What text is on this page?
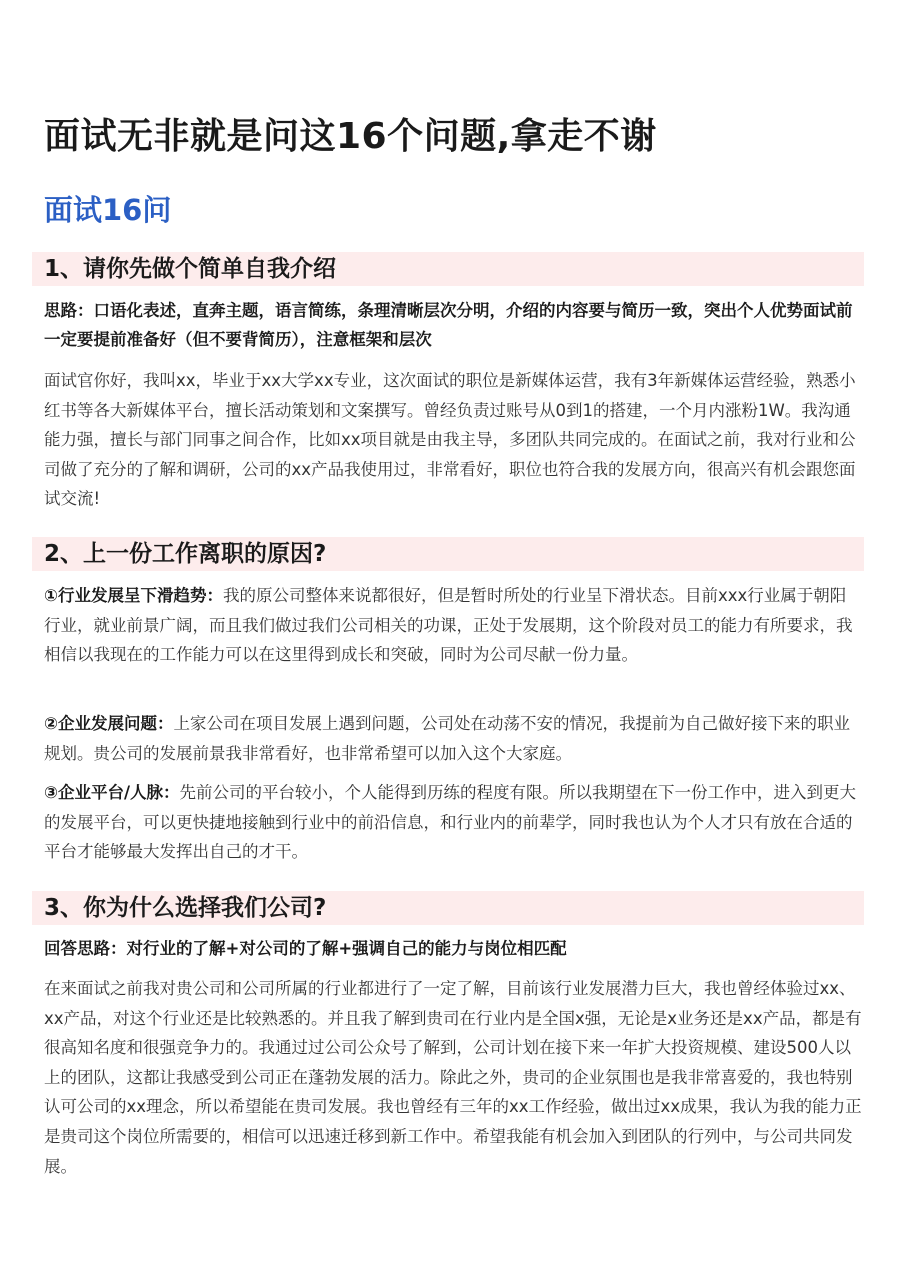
面试无非就是问这16个问题,拿走不谢
面试16问
1、请你先做个简单自我介绍

思路：口语化表述，直奔主题，语言简练，条理清晰层次分明，介绍的内容要与简历一致，突出个人优势面试前一定要提前准备好（但不要背简历），注意框架和层次

面试官你好，我叫xx，毕业于xx大学xx专业，这次面试的职位是新媒体运营，我有3年新媒体运营经验，熟悉小红书等各大新媒体平台，擅长活动策划和文案撰写。曾经负责过账号从0到1的搭建，一个月内涨粉1W。我沟通能力强，擅长与部门同事之间合作，比如xx项目就是由我主导，多团队共同完成的。在面试之前，我对行业和公司做了充分的了解和调研，公司的xx产品我使用过，非常看好，职位也符合我的发展方向，很高兴有机会跟您面试交流!

2、上一份工作离职的原因?

①行业发展呈下滑趋势：我的原公司整体来说都很好，但是暂时所处的行业呈下滑状态。目前xxx行业属于朝阳行业，就业前景广阔，而且我们做过我们公司相关的功课，正处于发展期，这个阶段对员工的能力有所要求，我相信以我现在的工作能力可以在这里得到成长和突破，同时为公司尽献一份力量。

②企业发展问题：上家公司在项目发展上遇到问题，公司处在动荡不安的情况，我提前为自己做好接下来的职业规划。贵公司的发展前景我非常看好，也非常希望可以加入这个大家庭。

③企业平台/人脉：先前公司的平台较小，个人能得到历练的程度有限。所以我期望在下一份工作中，进入到更大的发展平台，可以更快捷地接触到行业中的前沿信息，和行业内的前辈学，同时我也认为个人才只有放在合适的平台才能够最大发挥出自己的才干。

3、你为什么选择我们公司?

回答思路：对行业的了解+对公司的了解+强调自己的能力与岗位相匹配

在来面试之前我对贵公司和公司所属的行业都进行了一定了解，目前该行业发展潜力巨大，我也曾经体验过xx、xx产品，对这个行业还是比较熟悉的。并且我了解到贵司在行业内是全国x强，无论是x业务还是xx产品，都是有很高知名度和很强竞争力的。我通过过公司公众号了解到，公司计划在接下来一年扩大投资规模、建设500人以上的团队，这都让我感受到公司正在蓬勃发展的活力。除此之外，贵司的企业氛围也是我非常喜爱的，我也特别认可公司的xx理念，所以希望能在贵司发展。我也曾经有三年的xx工作经验，做出过xx成果，我认为我的能力正是贵司这个岗位所需要的，相信可以迅速迁移到新工作中。希望我能有机会加入到团队的行列中，与公司共同发展。
